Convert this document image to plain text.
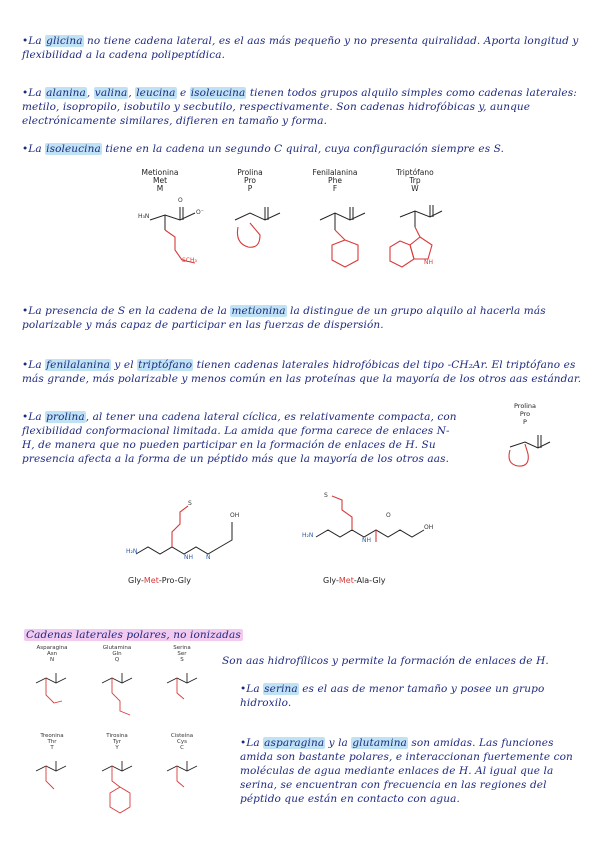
•La glicina no tiene cadena lateral, es el aas más pequeño y no presenta quiralidad. Aporta longitud y flexibilidad a la cadena polipeptídica.
•La alanina, valina, leucina e isoleucina tienen todos grupos alquilo simples como cadenas laterales: metilo, isopropilo, isobutilo y secbutilo, respectivamente. Son cadenas hidrofóbicas y, aunque electrónicamente similares, difieren en tamaño y forma.
•La isoleucina tiene en la cadena un segundo C quiral, cuya configuración siempre es S.
Metionina
Met
M
Prolina
Pro
P
Fenilalanina
Phe
F
Triptófano
Trp
W
SCH₃	NH
H₃N
O
O⁻
•La presencia de S en la cadena de la metionina la distingue de un grupo alquilo al hacerla más polarizable y más capaz de participar en las fuerzas de dispersión.
•La fenilalanina y el triptófano tienen cadenas laterales hidrofóbicas del tipo -CH₂Ar. El triptófano es más grande, más polarizable y menos común en las proteínas que la mayoría de los otros aas estándar.
•La prolina, al tener una cadena lateral cíclica, es relativamente compacta, con flexibilidad conformacional limitada. La amida que forma carece de enlaces N-H, de manera que no pueden participar en la formación de enlaces de H. Su presencia afecta a la forma de un péptido más que la mayoría de los otros aas.
Prolina
Pro
P
H₂N
H₂N
OH
OH
S
S
NH N
NH
O
Gly-Met-Pro-Gly	Gly-Met-Ala-Gly
Cadenas laterales polares, no ionizadas
Asparagina
Asn
N
Glutamina
Gln
Q
Serina
Ser
S
Treonina
Thr
T
Tirosina
Tyr
Y
Cisteína
Cys
C
Son aas hidrofílicos y permite la formación de enlaces de H.
•La serina es el aas de menor tamaño y posee un grupo hidroxilo.
•La asparagina y la glutamina son amidas. Las funciones amida son bastante polares, e interaccionan fuertemente con moléculas de agua mediante enlaces de H. Al igual que la serina, se encuentran con frecuencia en las regiones del péptido que están en contacto con agua.
